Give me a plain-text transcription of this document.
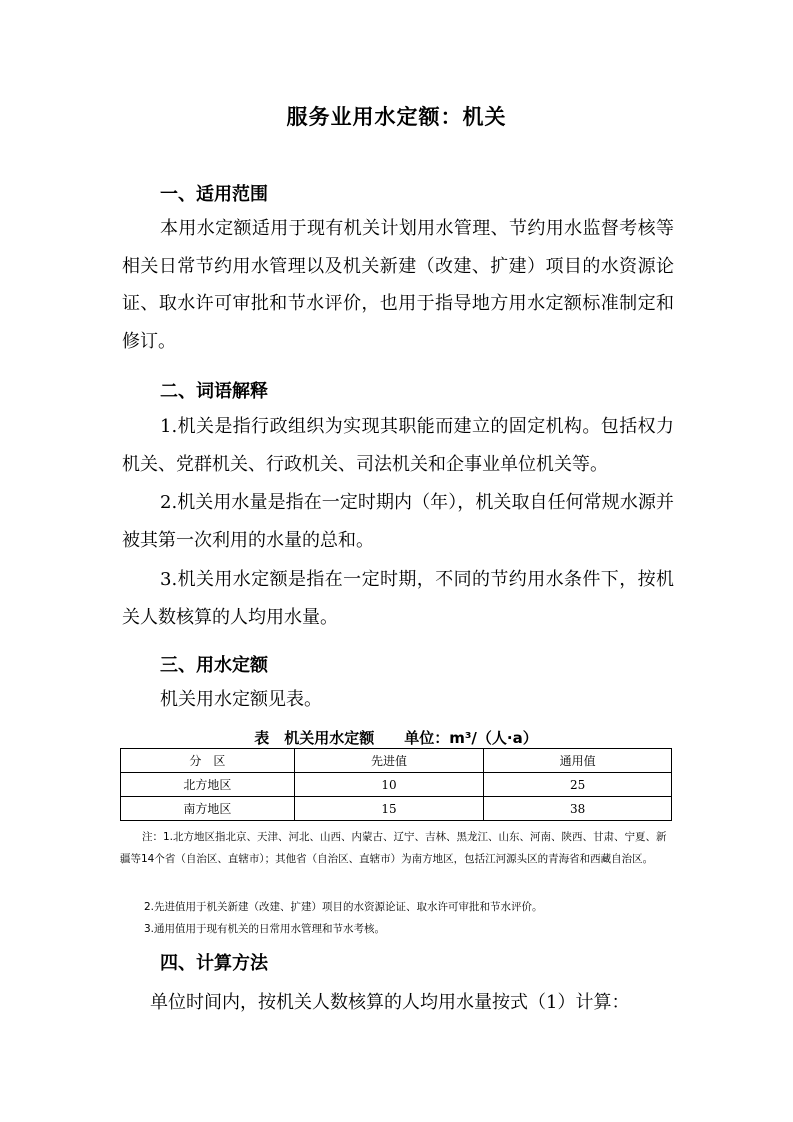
服务业用水定额：机关
一、适用范围

本用水定额适用于现有机关计划用水管理、节约用水监督考核等相关日常节约用水管理以及机关新建（改建、扩建）项目的水资源论证、取水许可审批和节水评价，也用于指导地方用水定额标准制定和修订。

二、词语解释

1.机关是指行政组织为实现其职能而建立的固定机构。包括权力机关、党群机关、行政机关、司法机关和企事业单位机关等。

2.机关用水量是指在一定时期内（年），机关取自任何常规水源并被其第一次利用的水量的总和。

3.机关用水定额是指在一定时期，不同的节约用水条件下，按机关人数核算的人均用水量。

三、用水定额

机关用水定额见表。

表　机关用水定额　　单位：m³/（人·a）

分　区	先进值	通用值
北方地区	10	25
南方地区	15	38

注：1.北方地区指北京、天津、河北、山西、内蒙古、辽宁、吉林、黑龙江、山东、河南、陕西、甘肃、宁夏、新疆等14个省（自治区、直辖市）；其他省（自治区、直辖市）为南方地区，包括江河源头区的青海省和西藏自治区。

2.先进值用于机关新建（改建、扩建）项目的水资源论证、取水许可审批和节水评价。

3.通用值用于现有机关的日常用水管理和节水考核。

四、计算方法

单位时间内，按机关人数核算的人均用水量按式（1）计算：
